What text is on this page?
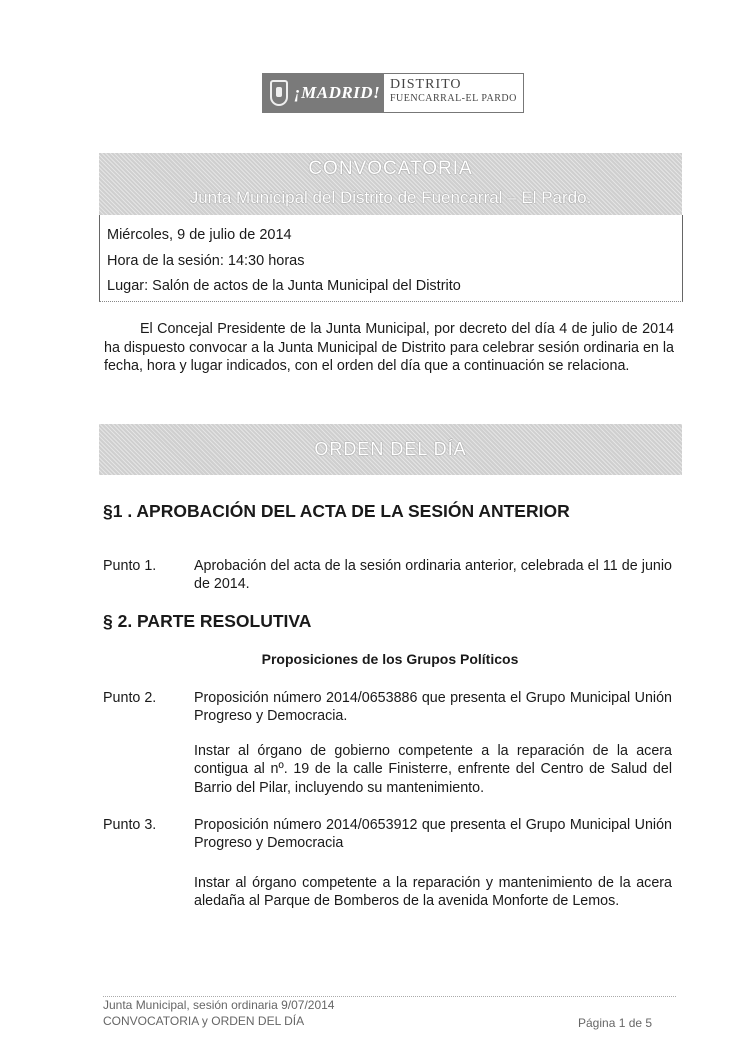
¡MADRID! DISTRITO
FUENCARRAL-EL PARDO
CONVOCATORIA
Junta Municipal del Distrito de Fuencarral – El Pardo.
Miércoles, 9 de julio de 2014
Hora de la sesión: 14:30 horas
Lugar: Salón de actos de la Junta Municipal del Distrito
El Concejal Presidente de la Junta Municipal, por decreto del día 4 de julio de 2014 ha dispuesto convocar a la Junta Municipal de Distrito para celebrar sesión ordinaria en la fecha, hora y lugar indicados, con el orden del día que a continuación se relaciona.
ORDEN DEL DÍA
§1 . APROBACIÓN DEL ACTA DE LA SESIÓN ANTERIOR
Punto 1.	Aprobación del acta de la sesión ordinaria anterior, celebrada el 11 de junio de 2014.
§ 2. PARTE RESOLUTIVA
Proposiciones de los Grupos Políticos
Punto 2.	Proposición número 2014/0653886 que presenta el Grupo Municipal Unión Progreso y Democracia.
Instar al órgano de gobierno competente a la reparación de la acera contigua al nº. 19 de la calle Finisterre, enfrente del Centro de Salud del Barrio del Pilar, incluyendo su mantenimiento.
Punto 3.	Proposición número 2014/0653912 que presenta el Grupo Municipal Unión Progreso y Democracia
Instar al órgano competente a la reparación y mantenimiento de la acera aledaña al Parque de Bomberos de la avenida Monforte de Lemos.
Junta Municipal, sesión ordinaria 9/07/2014
CONVOCATORIA y ORDEN DEL DÍA	Página 1 de 5
